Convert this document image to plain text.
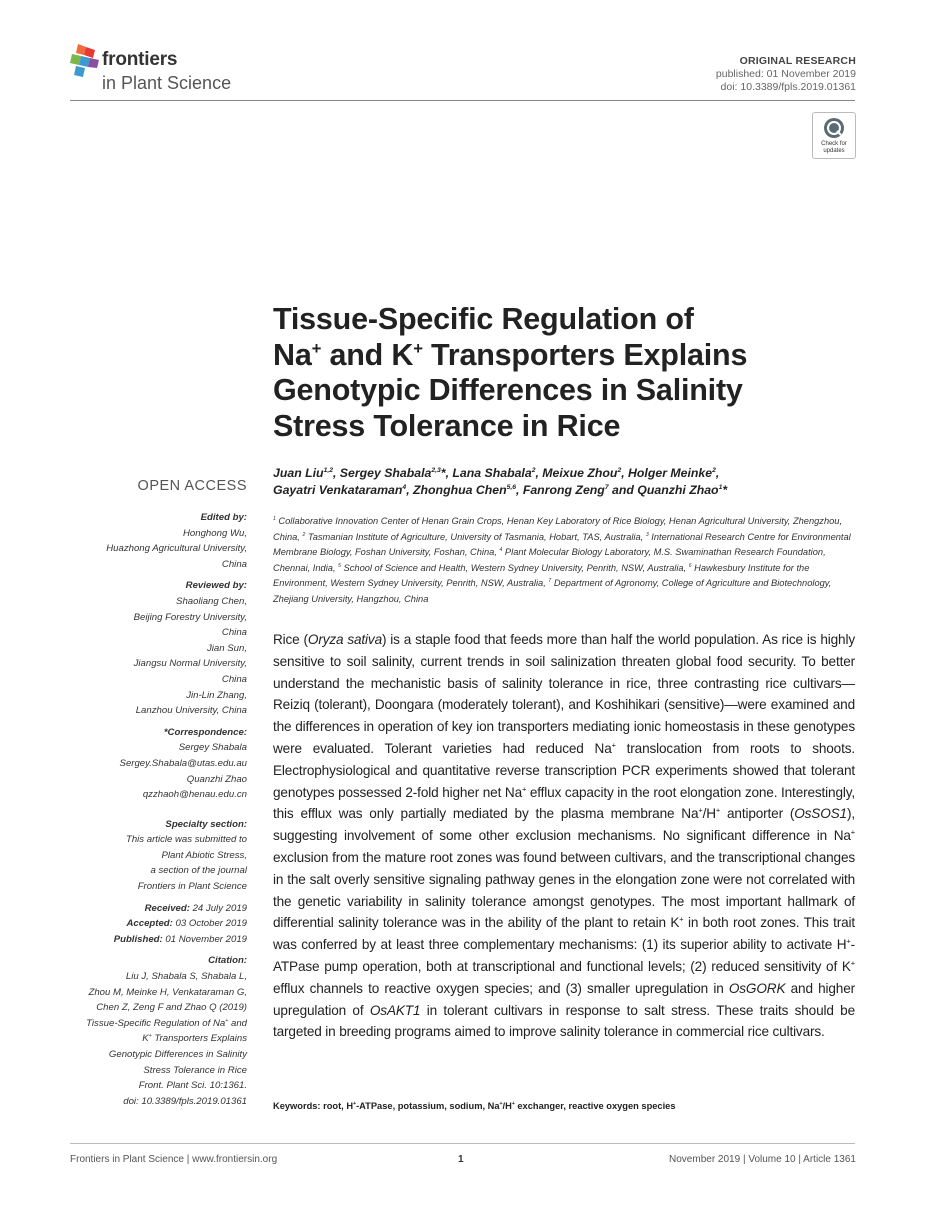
frontiers
in Plant Science
ORIGINAL RESEARCH
published: 01 November 2019
doi: 10.3389/fpls.2019.01361
Check for updates
Tissue-Specific Regulation of
Na+ and K+ Transporters Explains
Genotypic Differences in Salinity
Stress Tolerance in Rice
Juan Liu$^{1,2}$, Sergey Shabala$^{2,3}$*, Lana Shabala$^2$, Meixue Zhou$^2$, Holger Meinke$^2$,
Gayatri Venkataraman$^4$, Zhonghua Chen$^{5,6}$, Fanrong Zeng$^7$ and Quanzhi Zhao$^1$*
$^1$ Collaborative Innovation Center of Henan Grain Crops, Henan Key Laboratory of Rice Biology, Henan Agricultural University, Zhengzhou, China, $^2$ Tasmanian Institute of Agriculture, University of Tasmania, Hobart, TAS, Australia, $^3$ International Research Centre for Environmental Membrane Biology, Foshan University, Foshan, China, $^4$ Plant Molecular Biology Laboratory, M.S. Swaminathan Research Foundation, Chennai, India, $^5$ School of Science and Health, Western Sydney University, Penrith, NSW, Australia, $^6$ Hawkesbury Institute for the Environment, Western Sydney University, Penrith, NSW, Australia, $^7$ Department of Agronomy, College of Agriculture and Biotechnology, Zhejiang University, Hangzhou, China
Rice (Oryza sativa) is a staple food that feeds more than half the world population. As rice is highly sensitive to soil salinity, current trends in soil salinization threaten global food security. To better understand the mechanistic basis of salinity tolerance in rice, three contrasting rice cultivars—Reiziq (tolerant), Doongara (moderately tolerant), and Koshihikari (sensitive)—were examined and the differences in operation of key ion transporters mediating ionic homeostasis in these genotypes were evaluated. Tolerant varieties had reduced Na+ translocation from roots to shoots. Electrophysiological and quantitative reverse transcription PCR experiments showed that tolerant genotypes possessed 2-fold higher net Na+ efflux capacity in the root elongation zone. Interestingly, this efflux was only partially mediated by the plasma membrane Na+/H+ antiporter (OsSOS1), suggesting involvement of some other exclusion mechanisms. No significant difference in Na+ exclusion from the mature root zones was found between cultivars, and the transcriptional changes in the salt overly sensitive signaling pathway genes in the elongation zone were not correlated with the genetic variability in salinity tolerance amongst genotypes. The most important hallmark of differential salinity tolerance was in the ability of the plant to retain K+ in both root zones. This trait was conferred by at least three complementary mechanisms: (1) its superior ability to activate H+-ATPase pump operation, both at transcriptional and functional levels; (2) reduced sensitivity of K+ efflux channels to reactive oxygen species; and (3) smaller upregulation in OsGORK and higher upregulation of OsAKT1 in tolerant cultivars in response to salt stress. These traits should be targeted in breeding programs aimed to improve salinity tolerance in commercial rice cultivars.
Keywords: root, H+-ATPase, potassium, sodium, Na+/H+ exchanger, reactive oxygen species
OPEN ACCESS
Edited by:
Honghong Wu,
Huazhong Agricultural University,
China
Reviewed by:
Shaoliang Chen,
Beijing Forestry University,
China
Jian Sun,
Jiangsu Normal University,
China
Jin-Lin Zhang,
Lanzhou University, China
*Correspondence:
Sergey Shabala
Sergey.Shabala@utas.edu.au
Quanzhi Zhao
qzzhaoh@henau.edu.cn
Specialty section:
This article was submitted to
Plant Abiotic Stress,
a section of the journal
Frontiers in Plant Science
Received: 24 July 2019
Accepted: 03 October 2019
Published: 01 November 2019
Citation:
Liu J, Shabala S, Shabala L,
Zhou M, Meinke H, Venkataraman G,
Chen Z, Zeng F and Zhao Q (2019)
Tissue-Specific Regulation of Na+ and
K+ Transporters Explains
Genotypic Differences in Salinity
Stress Tolerance in Rice
Front. Plant Sci. 10:1361.
doi: 10.3389/fpls.2019.01361
Frontiers in Plant Science | www.frontiersin.org	1	November 2019 | Volume 10 | Article 1361
